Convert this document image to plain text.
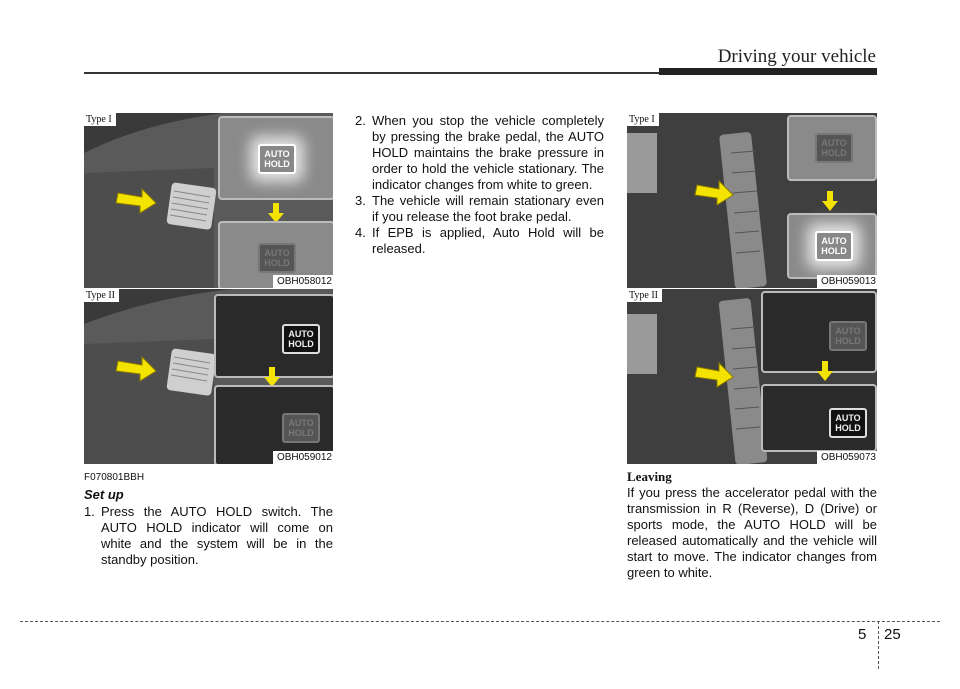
Driving your vehicle
AUTO
HOLD
AUTO
HOLD
Type I
OBH058012
AUTO
HOLD
AUTO
HOLD
Type II
OBH059012
F070801BBH
Set up
1. Press the AUTO HOLD switch. The AUTO HOLD indicator will come on white and the system will be in the standby position.
2. When you stop the vehicle completely by pressing the brake pedal, the AUTO HOLD maintains the brake pressure in order to hold the vehicle stationary. The indicator changes from white to green.
3. The vehicle will remain stationary even if you release the foot brake pedal.
4. If EPB is applied, Auto Hold will be released.
AUTO
HOLD
AUTO
HOLD
Type I
OBH059013
AUTO
HOLD
AUTO
HOLD
Type II
OBH059073
Leaving
If you press the accelerator pedal with the transmission in R (Reverse), D (Drive) or sports mode, the AUTO HOLD will be released automatically and the vehicle will start to move. The indicator changes from green to white.
5 25
